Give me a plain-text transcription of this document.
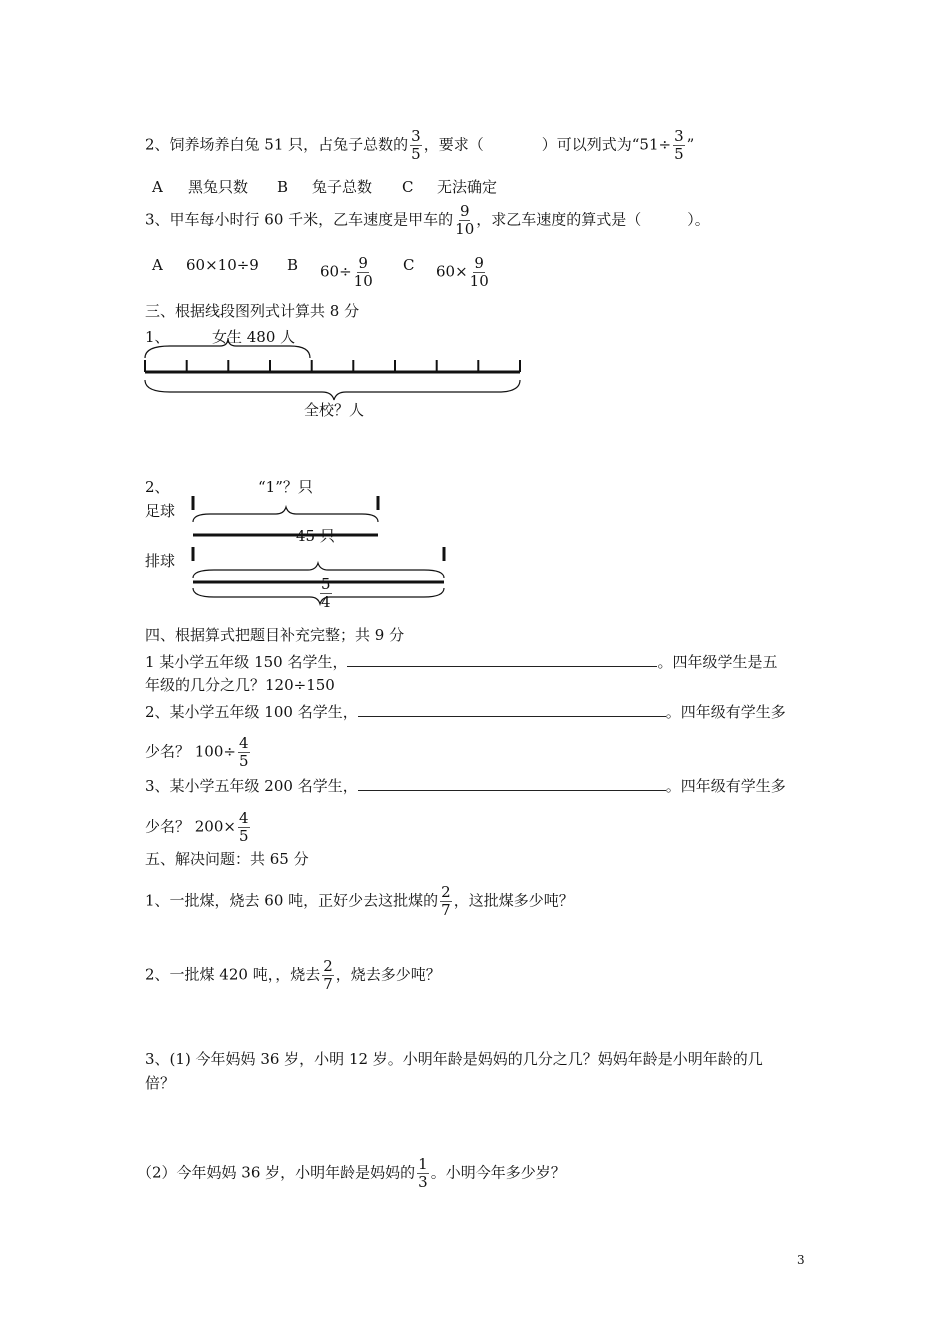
2、饲养场养白兔 51 只，占兔子总数的 $\frac{3}{5}$ ，要求（	）可以列式为“$51\div \frac{3}{5}$ ”
A 黑兔只数 B 兔子总数 C 无法确定
3、甲车每小时行 60 千米，乙车速度是甲车的 $\frac{9}{10}$ ，求乙车速度的算式是（	）。
A 60×10÷9 B $60\div \frac{9}{10}$ C $60\times \frac{9}{10}$
三、根据线段图列式计算共 8 分
1、	女生 480 人
全校？人
2、	“1”？只
足球
45 只
排球
$\frac{5}{4}$
四、根据算式把题目补充完整；共 9 分
1 某小学五年级 150 名学生，	。四年级学生是五
年级的几分之几？120÷150
2、某小学五年级 100 名学生，	。四年级有学生多
少名？ $100\div \frac{4}{5}$
3、某小学五年级 200 名学生，	。四年级有学生多
少名？ $200\times \frac{4}{5}$
五、解决问题：共 65 分
1、一批煤，烧去 60 吨，正好少去这批煤的 $\frac{2}{7}$ ，这批煤多少吨？
2、一批煤 420 吨，，烧去 $\frac{2}{7}$ ，烧去多少吨？
3、(1) 今年妈妈 36 岁，小明 12 岁。小明年龄是妈妈的几分之几？妈妈年龄是小明年龄的几
倍？
（2）今年妈妈 36 岁，小明年龄是妈妈的 $\frac{1}{3}$ 。小明今年多少岁？
3
